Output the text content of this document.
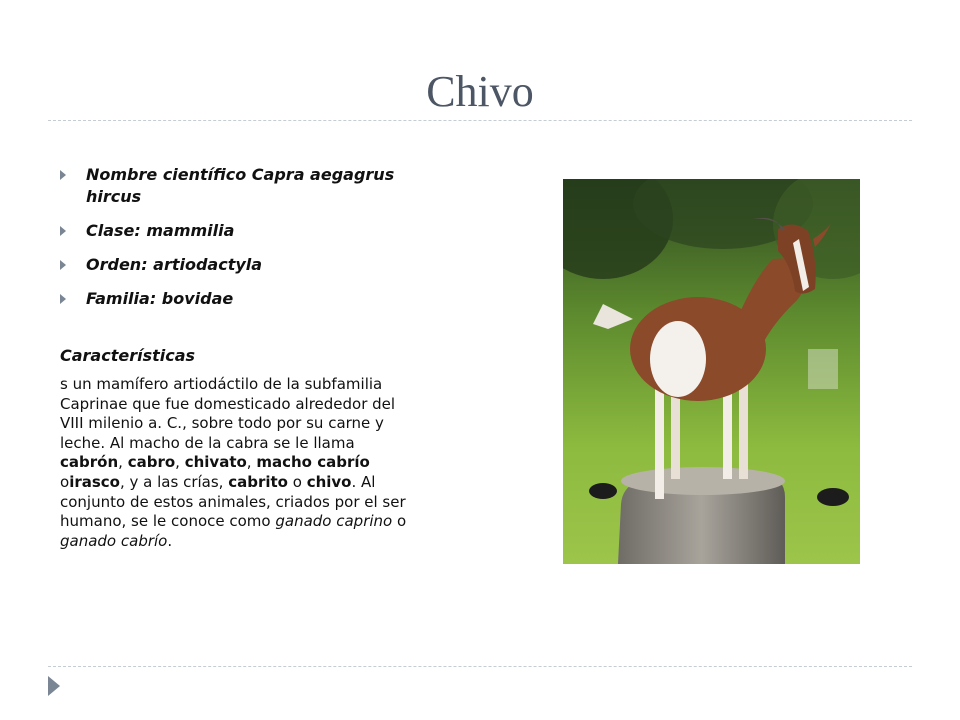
Chivo
Nombre científico Capra aegagrus hircus
Clase: mammilia
Orden: artiodactyla
Familia: bovidae
Características
s un mamífero artiodáctilo de la subfamilia Caprinae que fue domesticado alrededor del VIII milenio a. C., sobre todo por su carne y leche. Al macho de la cabra se le llama cabrón, cabro, chivato, macho cabrío oirasco, y a las crías, cabrito o chivo. Al conjunto de estos animales, criados por el ser humano, se le conoce como ganado caprino o ganado cabrío.
